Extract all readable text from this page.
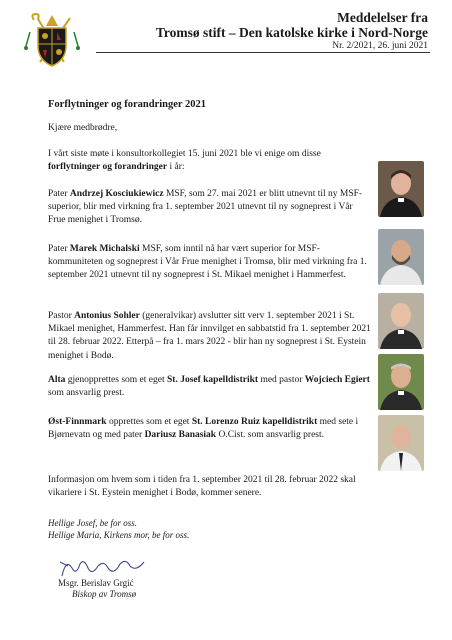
Meddelelser fra
Tromsø stift – Den katolske kirke i Nord-Norge
Nr. 2/2021, 26. juni 2021
Forflytninger og forandringer 2021
Kjære medbrødre,
I vårt siste møte i konsultorkollegiet 15. juni 2021 ble vi enige om disse forflytninger og forandringer i år:
Pater Andrzej Kosciukiewicz MSF, som 27. mai 2021 er blitt utnevnt til ny MSF-superior, blir med virkning fra 1. september 2021 utnevnt til ny sogneprest i Vår Frue menighet i Tromsø.
Pater Marek Michalski MSF, som inntil nå har vært superior for MSF-kommuniteten og sogneprest i Vår Frue menighet i Tromsø, blir med virkning fra 1. september 2021 utnevnt til ny sogneprest i St. Mikael menighet i Hammerfest.
Pastor Antonius Sohler (generalvikar) avslutter sitt verv 1. september 2021 i St. Mikael menighet, Hammerfest. Han får innvilget en sabbatstid fra 1. september 2021 til 28. februar 2022. Etterpå – fra 1. mars 2022 - blir han ny sogneprest i St. Eystein menighet i Bodø.
Alta gjenopprettes som et eget St. Josef kapelldistrikt med pastor Wojciech Egiert som ansvarlig prest.
Øst-Finnmark opprettes som et eget St. Lorenzo Ruiz kapelldistrikt med sete i Bjørnevatn og med pater Dariusz Banasiak O.Cist. som ansvarlig prest.
Informasjon om hvem som i tiden fra 1. september 2021 til 28. februar 2022 skal vikariere i St. Eystein menighet i Bodø, kommer senere.
Hellige Josef, be for oss.
Hellige Maria, Kirkens mor, be for oss.
Msgr. Berislav Grgić
Biskop av Tromsø
